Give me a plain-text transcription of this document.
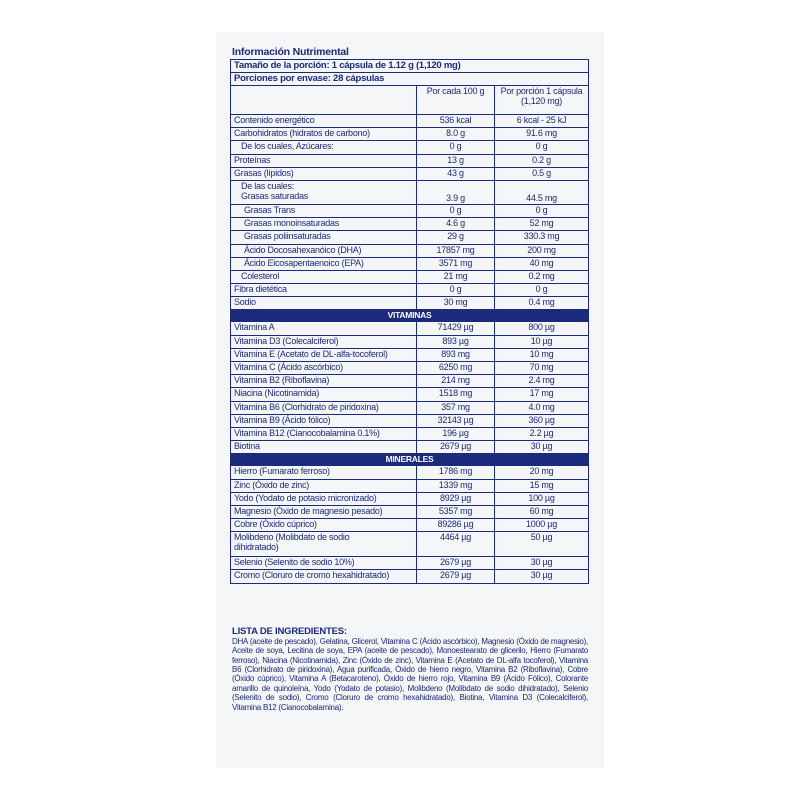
Información Nutrimental
Tamaño de la porción: 1 cápsula de 1.12 g (1,120 mg)		
Porciones por envase: 28 cápsulas		
	Por cada 100 g	Por porción 1 cápsula
(1,120 mg)
Contenido energético	536 kcal	6 kcal - 25 kJ
Carbohidratos (hidratos de carbono)	8.0 g	91.6 mg
De los cuales, Azúcares:	0 g	0 g
Proteínas	13 g	0.2 g
Grasas (lípidos)	43 g	0.5 g
De las cuales:
Grasas saturadas	3.9 g	44.5 mg
Grasas Trans	0 g	0 g
Grasas monoinsaturadas	4.6 g	52 mg
Grasas poliinsaturadas	29 g	330.3 mg
Ácido Docosahexanóico (DHA)	17857 mg	200 mg
Ácido Eicosapentaenoico (EPA)	3571 mg	40 mg
Colesterol	21 mg	0.2 mg
Fibra dietética	0 g	0 g
Sodio	30 mg	0.4 mg
VITAMINAS		
Vitamina A	71429 µg	800 µg
Vitamina D3 (Colecalciferol)	893 µg	10 µg
Vitamina E (Acetato de DL-alfa-tocoferol)	893 mg	10 mg
Vitamina C (Ácido ascórbico)	6250 mg	70 mg
Vitamina B2 (Riboflavina)	214 mg	2.4 mg
Niacina (Nicotinamida)	1518 mg	17 mg
Vitamina B6 (Clorhidrato de piridoxina)	357 mg	4.0 mg
Vitamina B9 (Ácido fólico)	32143 µg	360 µg
Vitamina B12 (Cianocobalamina 0.1%)	196 µg	2.2 µg
Biotina	2679 µg	30 µg
MINERALES		
Hierro (Fumarato ferroso)	1786 mg	20 mg
Zinc (Óxido de zinc)	1339 mg	15 mg
Yodo (Yodato de potasio micronizado)	8929 µg	100 µg
Magnesio (Óxido de magnesio pesado)	5357 mg	60 mg
Cobre (Óxido cúprico)	89286 µg	1000 µg
Molibdeno (Molibdato de sodio
dihidratado)	4464 µg	50 µg
Selenio (Selenito de sodio 10%)	2679 µg	30 µg
Cromo (Cloruro de cromo hexahidratado)	2679 µg	30 µg
LISTA DE INGREDIENTES:
DHA (aceite de pescado), Gelatina, Glicerol, Vitamina C (Ácido ascórbico), Magnesio (Óxido de magnesio), Aceite de soya, Lecitina de soya, EPA (aceite de pescado), Monoestearato de glicerilo, Hierro (Fumarato ferroso), Niacina (Nicotinamida), Zinc (Óxido de zinc), Vitamina E (Acetato de DL-alfa tocoferol), Vitamina B6 (Clorhidrato de piridoxina), Agua purificada, Óxido de hierro negro, Vitamina B2 (Riboflavina), Cobre (Óxido cúprico), Vitamina A (Betacaroteno), Óxido de hierro rojo, Vitamina B9 (Ácido Fólico), Colorante amarillo de quinoleína, Yodo (Yodato de potasio), Molibdeno (Molibdato de sodio dihidratado), Selenio (Selenito de sodio), Cromo (Cloruro de cromo hexahidratado), Biotina, Vitamina D3 (Colecalciferol), Vitamina B12 (Cianocobalamina).
